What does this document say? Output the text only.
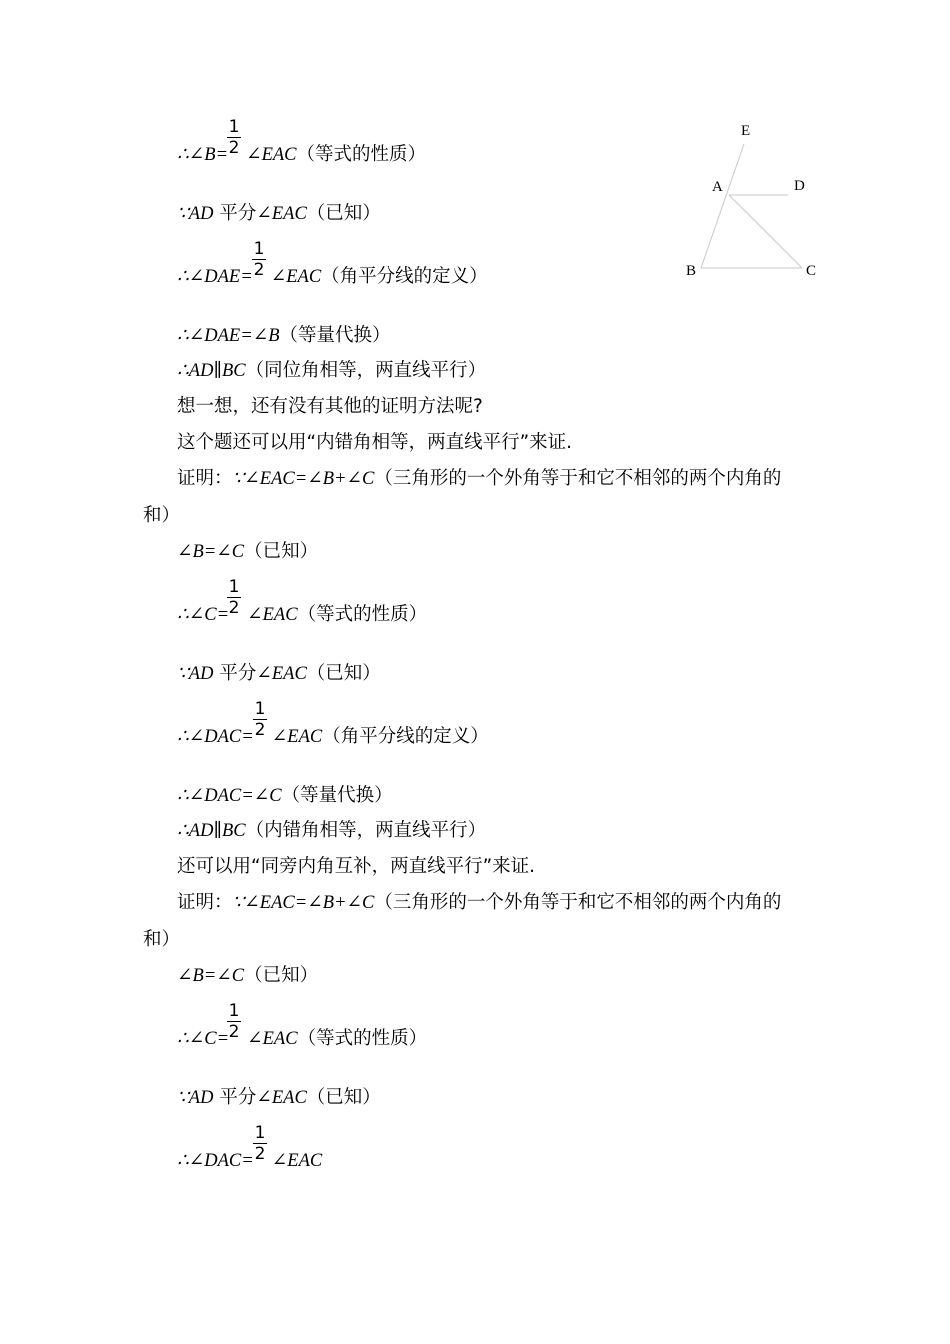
E
A	D
B	C
1
2
∴∠B= ∠EAC（等式的性质）
∵AD 平分∠EAC（已知）
1
2
∴∠DAE= ∠EAC（角平分线的定义）
∴∠DAE=∠B（等量代换）
∴AD∥BC（同位角相等，两直线平行）
想一想，还有没有其他的证明方法呢?
这个题还可以用“内错角相等，两直线平行”来证.
证明：∵∠EAC=∠B+∠C（三角形的一个外角等于和它不相邻的两个内角的
和）
∠B=∠C（已知）
1
2
∴∠C= ∠EAC（等式的性质）
∵AD 平分∠EAC（已知）
1
2
∴∠DAC= ∠EAC（角平分线的定义）
∴∠DAC=∠C（等量代换）
∴AD∥BC（内错角相等，两直线平行）
还可以用“同旁内角互补，两直线平行”来证.
证明：∵∠EAC=∠B+∠C（三角形的一个外角等于和它不相邻的两个内角的
和）
∠B=∠C（已知）
1
2
∴∠C= ∠EAC（等式的性质）
∵AD 平分∠EAC（已知）
1
2
∴∠DAC= ∠EAC
